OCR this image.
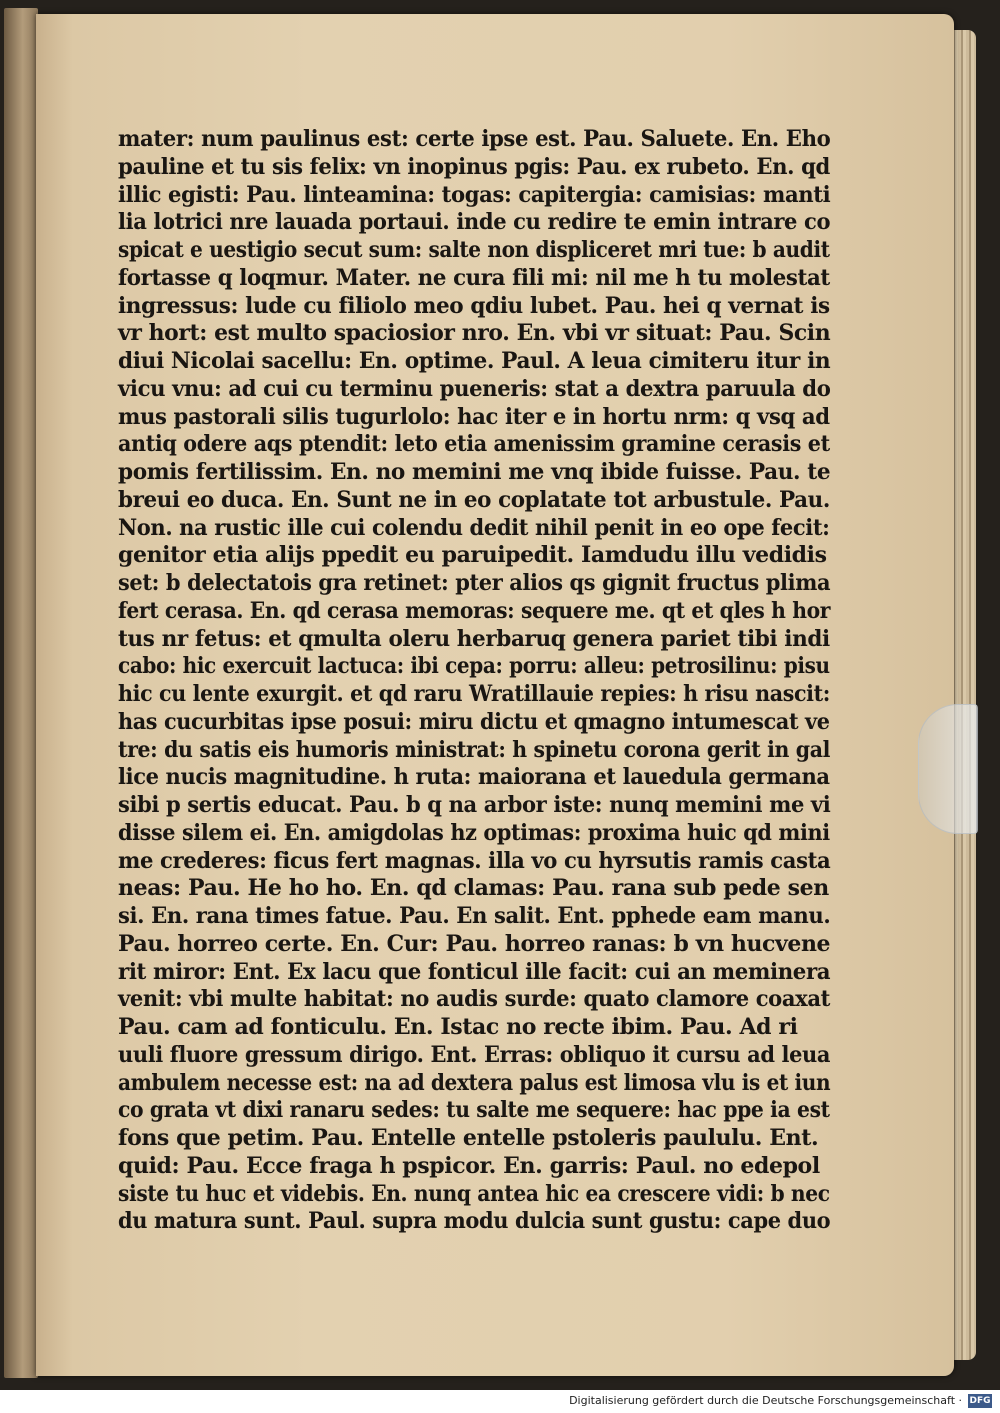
mater: num paulinus est: certe ipse est. Pau. Saluete. En. Eho
pauline et tu sis felix: vn inopinus pgis: Pau. ex rubeto. En. qd
illic egisti: Pau. linteamina: togas: capitergia: camisias: manti
lia lotrici nre lauada portaui. inde cu redire te emin intrare co
spicat e uestigio secut sum: salte non displiceret mri tue: b audit
fortasse q loqmur. Mater. ne cura fili mi: nil me h tu molestat
ingressus: lude cu filiolo meo qdiu lubet. Pau. hei q vernat is
vr hort: est multo spaciosior nro. En. vbi vr situat: Pau. Scin
diui Nicolai sacellu: En. optime. Paul. A leua cimiteru itur in
vicu vnu: ad cui cu terminu pueneris: stat a dextra paruula do
mus pastorali silis tugurlolo: hac iter e in hortu nrm: q vsq ad
antiq odere aqs ptendit: leto etia amenissim gramine cerasis et
pomis fertilissim. En. no memini me vnq ibide fuisse. Pau. te
breui eo duca. En. Sunt ne in eo coplatate tot arbustule. Pau.
Non. na rustic ille cui colendu dedit nihil penit in eo ope fecit:
genitor etia alijs ppedit eu paruipedit. Iamdudu illu vedidis
set: b delectatois gra retinet: pter alios qs gignit fructus plima
fert cerasa. En. qd cerasa memoras: sequere me. qt et qles h hor
tus nr fetus: et qmulta oleru herbaruq genera pariet tibi indi
cabo: hic exercuit lactuca: ibi cepa: porru: alleu: petrosilinu: pisu
hic cu lente exurgit. et qd raru Wratillauie repies: h risu nascit:
has cucurbitas ipse posui: miru dictu et qmagno intumescat ve
tre: du satis eis humoris ministrat: h spinetu corona gerit in gal
lice nucis magnitudine. h ruta: maiorana et lauedula germana
sibi p sertis educat. Pau. b q na arbor iste: nunq memini me vi
disse silem ei. En. amigdolas hz optimas: proxima huic qd mini
me crederes: ficus fert magnas. illa vo cu hyrsutis ramis casta
neas: Pau. He ho ho. En. qd clamas: Pau. rana sub pede sen
si. En. rana times fatue. Pau. En salit. Ent. pphede eam manu.
Pau. horreo certe. En. Cur: Pau. horreo ranas: b vn hucvene
rit miror: Ent. Ex lacu que fonticul ille facit: cui an meminera
venit: vbi multe habitat: no audis surde: quato clamore coaxat
Pau. cam ad fonticulu. En. Istac no recte ibim. Pau. Ad ri
uuli fluore gressum dirigo. Ent. Erras: obliquo it cursu ad leua
ambulem necesse est: na ad dextera palus est limosa vlu is et iun
co grata vt dixi ranaru sedes: tu salte me sequere: hac ppe ia est
fons que petim. Pau. Entelle entelle pstoleris paululu. Ent.
quid: Pau. Ecce fraga h pspicor. En. garris: Paul. no edepol
siste tu huc et videbis. En. nunq antea hic ea crescere vidi: b nec
du matura sunt. Paul. supra modu dulcia sunt gustu: cape duo
Digitalisierung gefördert durch die Deutsche Forschungsgemeinschaft · DFG
